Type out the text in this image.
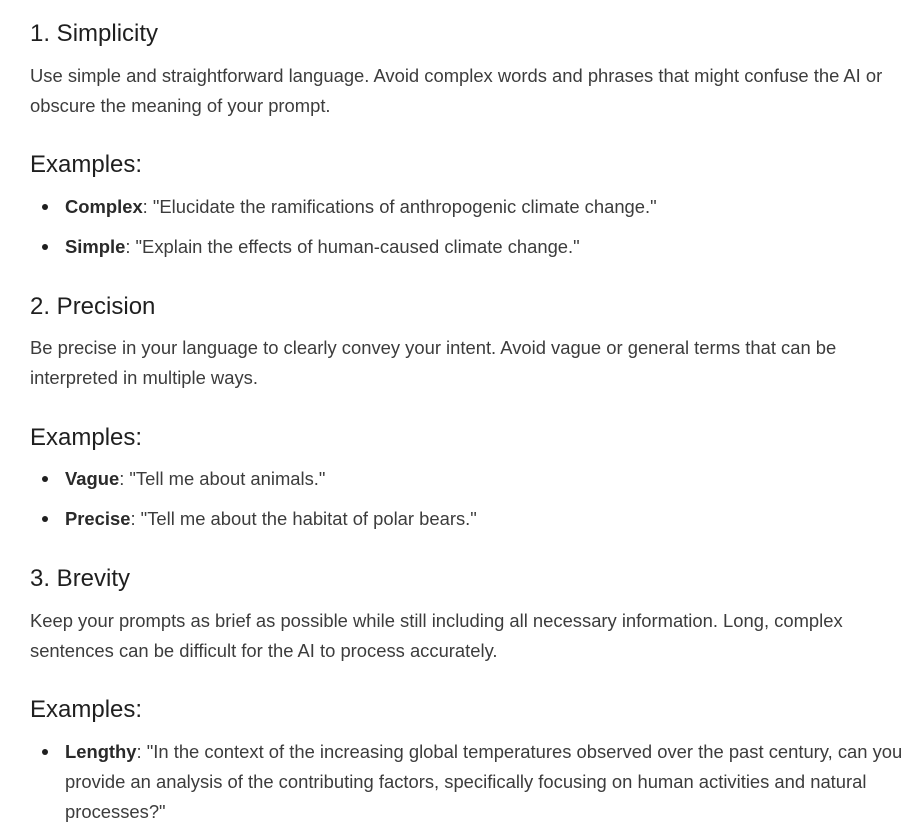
1. Simplicity

Use simple and straightforward language. Avoid complex words and phrases that might confuse the AI or obscure the meaning of your prompt.

Examples:
Complex: "Elucidate the ramifications of anthropogenic climate change."
Simple: "Explain the effects of human-caused climate change."
2. Precision

Be precise in your language to clearly convey your intent. Avoid vague or general terms that can be interpreted in multiple ways.

Examples:
Vague: "Tell me about animals."
Precise: "Tell me about the habitat of polar bears."
3. Brevity

Keep your prompts as brief as possible while still including all necessary information. Long, complex sentences can be difficult for the AI to process accurately.

Examples:
Lengthy: "In the context of the increasing global temperatures observed over the past century, can you provide an analysis of the contributing factors, specifically focusing on human activities and natural processes?"
